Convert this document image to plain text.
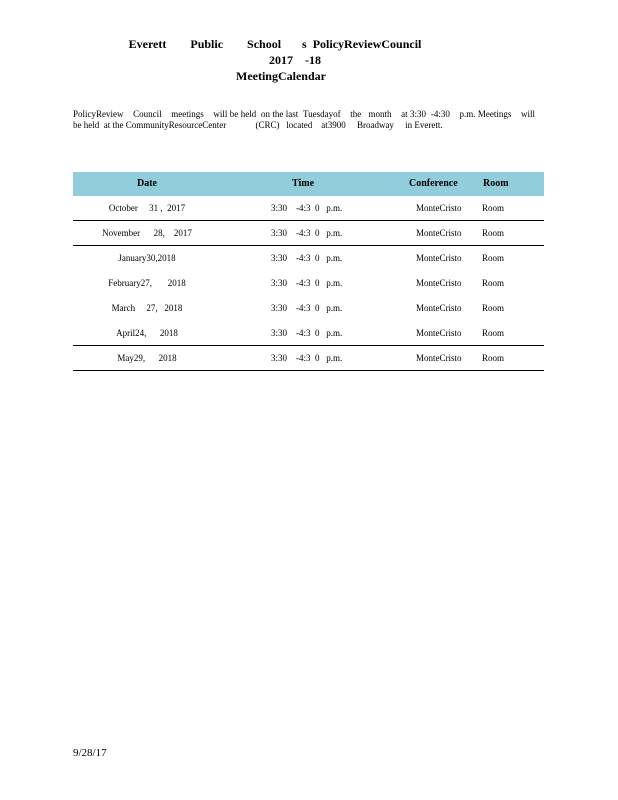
Everett        Public        School       s  PolicyReviewCouncil
2017    -18
MeetingCalendar
PolicyReview    Council    meetings    will be held  on the last  Tuesdayof    the   month    at 3:30  -4:30    p.m. Meetings    will  be held  at the CommunityResourceCenter             (CRC)   located    at3900     Broadway     in Everett.
Date	Time	Conference	Room
October     31 ,  2017	3:30    -4:3  0   p.m.	MonteCristo Room
November      28,    2017	3:30    -4:3  0   p.m.	MonteCristo Room
January30,2018	3:30    -4:3  0   p.m.	MonteCristo Room
February27,       2018	3:30    -4:3  0   p.m.	MonteCristo Room
March     27,   2018	3:30    -4:3  0   p.m.	MonteCristo Room
April24,      2018	3:30    -4:3  0   p.m.	MonteCristo Room
May29,      2018	3:30    -4:3  0   p.m.	MonteCristo Room
9/28/17
